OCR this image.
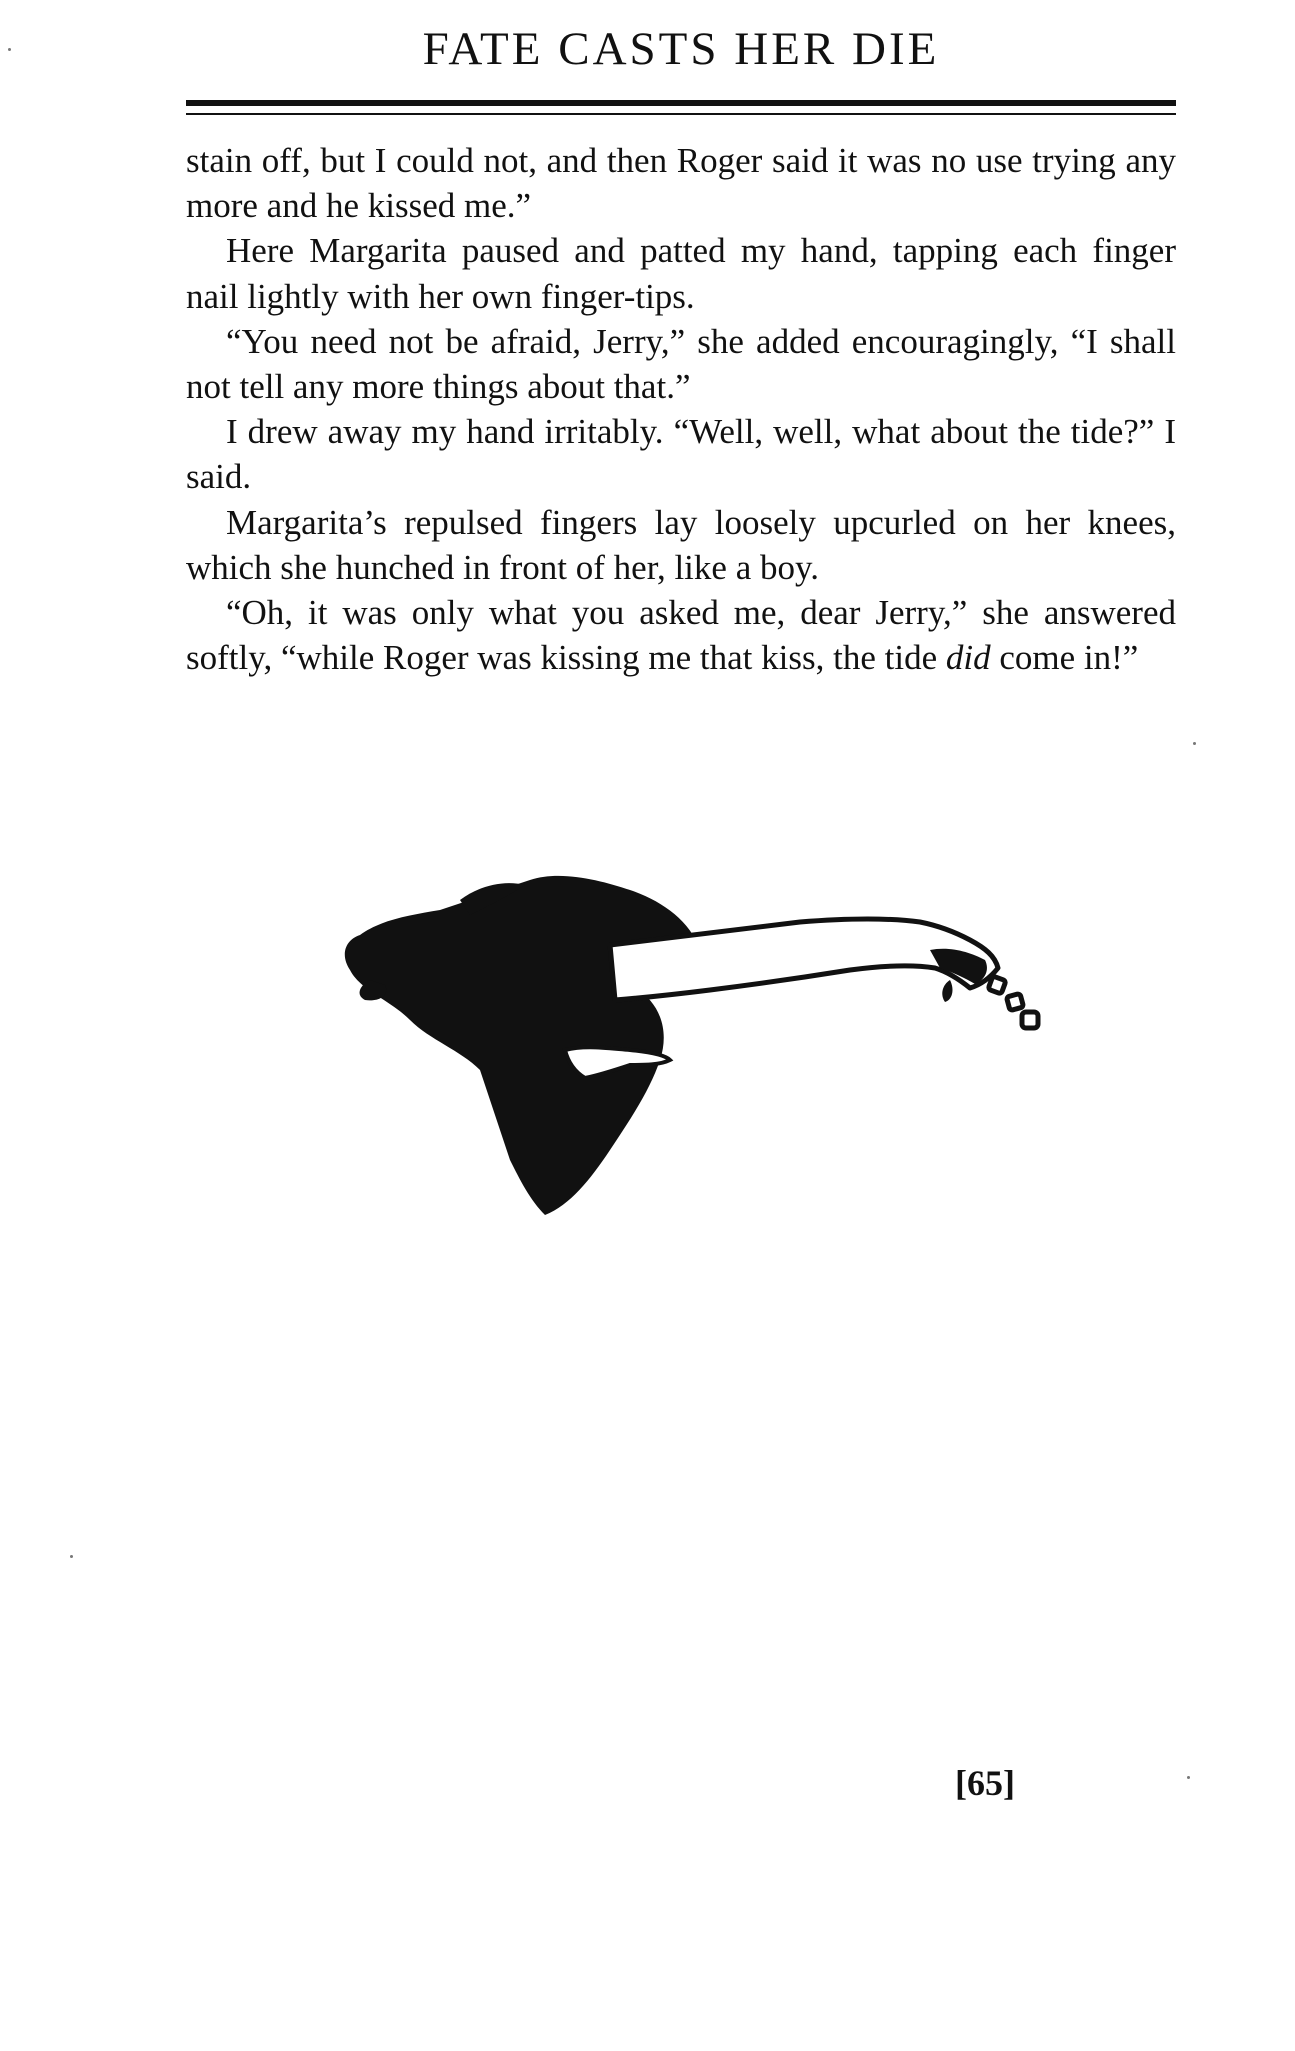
FATE CASTS HER DIE

stain off, but I could not, and then Roger said it was no use trying any more and he kissed me.”

Here Margarita paused and patted my hand, tapping each finger nail lightly with her own finger-tips.

“You need not be afraid, Jerry,” she added encouragingly, “I shall not tell any more things about that.”

I drew away my hand irritably. “Well, well, what about the tide?” I said.

Margarita’s repulsed fingers lay loosely upcurled on her knees, which she hunched in front of her, like a boy.

“Oh, it was only what you asked me, dear Jerry,” she answered softly, “while Roger was kissing me that kiss, the tide did come in!”

[65]
